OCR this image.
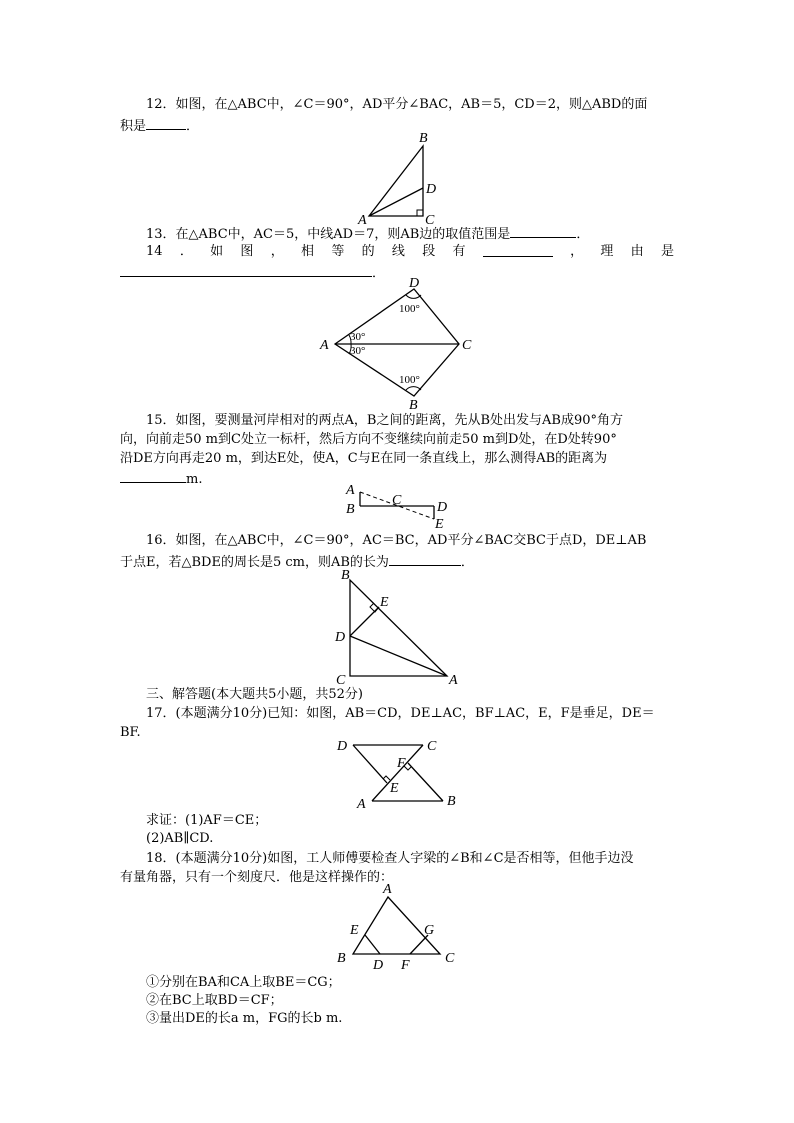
12．如图，在△ABC中，∠C＝90°，AD平分∠BAC，AB＝5，CD＝2，则△ABD的面
积是	．
B
D
A	C
13．在△ABC中，AC＝5，中线AD＝7，则AB边的取值范围是	．
14 ． 如 图 ， 相 等 的 线 段 有	， 理 由 是
．
D
A	C
B
100°
100°
30°
30°
15．如图，要测量河岸相对的两点A，B之间的距离，先从B处出发与AB成90°角方
向，向前走50 m到C处立一标杆，然后方向不变继续向前走50 m到D处，在D处转90°
沿DE方向再走20 m，到达E处，使A，C与E在同一条直线上，那么测得AB的距离为
m.
A
B
C	D
E
16．如图，在△ABC中，∠C＝90°，AC＝BC，AD平分∠BAC交BC于点D，DE⊥AB
于点E，若△BDE的周长是5 cm，则AB的长为	．
B
E
D
C	A
三、解答题(本大题共5小题，共52分)
17．(本题满分10分)已知：如图，AB＝CD，DE⊥AC，BF⊥AC，E，F是垂足，DE＝
BF.
D	C
F
E
A	B
求证：(1)AF＝CE；
(2)AB∥CD.
18．(本题满分10分)如图，工人师傅要检查人字梁的∠B和∠C是否相等，但他手边没
有量角器，只有一个刻度尺．他是这样操作的：
A
E	G
B D F	C
①分别在BA和CA上取BE＝CG；
②在BC上取BD＝CF；
③量出DE的长a m，FG的长b m.
